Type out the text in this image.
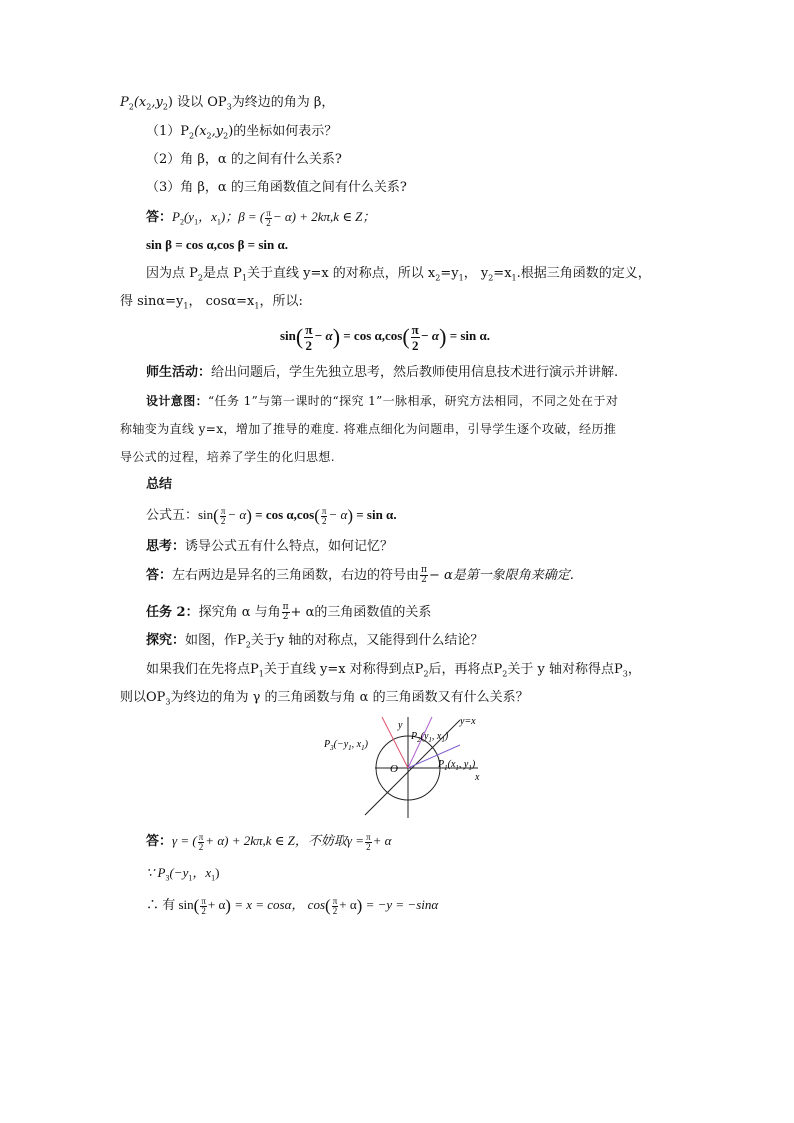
$P_2(x_2,y_2)$ 设以 $OP_3$为终边的角为 β，
$(1)P_2(x_2,y_2)$的坐标如何表示？
（2）角 β，α 的之间有什么关系?
（3）角 β，α 的三角函数值之间有什么关系?
答：$P_2(y_1$，$x_1$)；β = ( $\frac{\pi}{2} - \alpha) + 2k\pi,k$ ∈ Z；
sin β = cos α,cos β = sin α.
因为点 $P_2$是点 $P_1$关于直线 y=x 的对称点，所以 $x_2=y_1$， $y_2=x_1$.根据三角函数的定义，
得 $\sin\alpha=y_1$， $\cos\alpha=x_1$，所以:
$\sin( \frac{\pi}{2} - \alpha) = \cos \alpha,\cos( \frac{\pi}{2} - \alpha) = \sin \alpha$.
师生活动：给出问题后，学生先独立思考，然后教师使用信息技术进行演示并讲解.
设计意图：“任务 1”与第一课时的“探究 1”一脉相承，研究方法相同，不同之处在于对
称轴变为直线 y=x，增加了推导的难度. 将难点细化为问题串，引导学生逐个攻破，经历推
导公式的过程，培养了学生的化归思想.
总结
公式五：$\sin( \frac{\pi}{2} - \alpha) = \cos \alpha,\cos( \frac{\pi}{2} - \alpha) = \sin \alpha$.
思考：诱导公式五有什么特点，如何记忆？
答：左右两边是异名的三角函数，右边的符号由 $\frac{\pi}{2} - \alpha$是第一象限角来确定.
任务 2：探究角 α 与角 $\frac{\pi}{2} + \alpha$的三角函数值的关系
探究：如图，作$P_2$关于y 轴的对称点，又能得到什么结论？
如果我们在先将点$P_1$关于直线 y=x 对称得到点$P_2$后，再将点$P_2$关于 y 轴对称得点$P_3$，
则以$OP_3$为终边的角为 γ 的三角函数与角 α 的三角函数又有什么关系？
y	y=x
x
O
$P_3(-y_1$, $x_1$)
$P_2(y_1$, $x_1$)
$P_1(x_1$, $y_1$)
答：γ = ( $\frac{\pi}{2} + \alpha) + 2k\pi,k$ ∈ Z，不妨取$\gamma = \frac{\pi}{2} + \alpha$
∵ $P_3(-y_1$，$x_1$)
∴ 有 $\sin( \frac{\pi}{2} + \alpha) = x = \cos\alpha$， $\cos( \frac{\pi}{2} + \alpha) = -y = -\sin\alpha$
